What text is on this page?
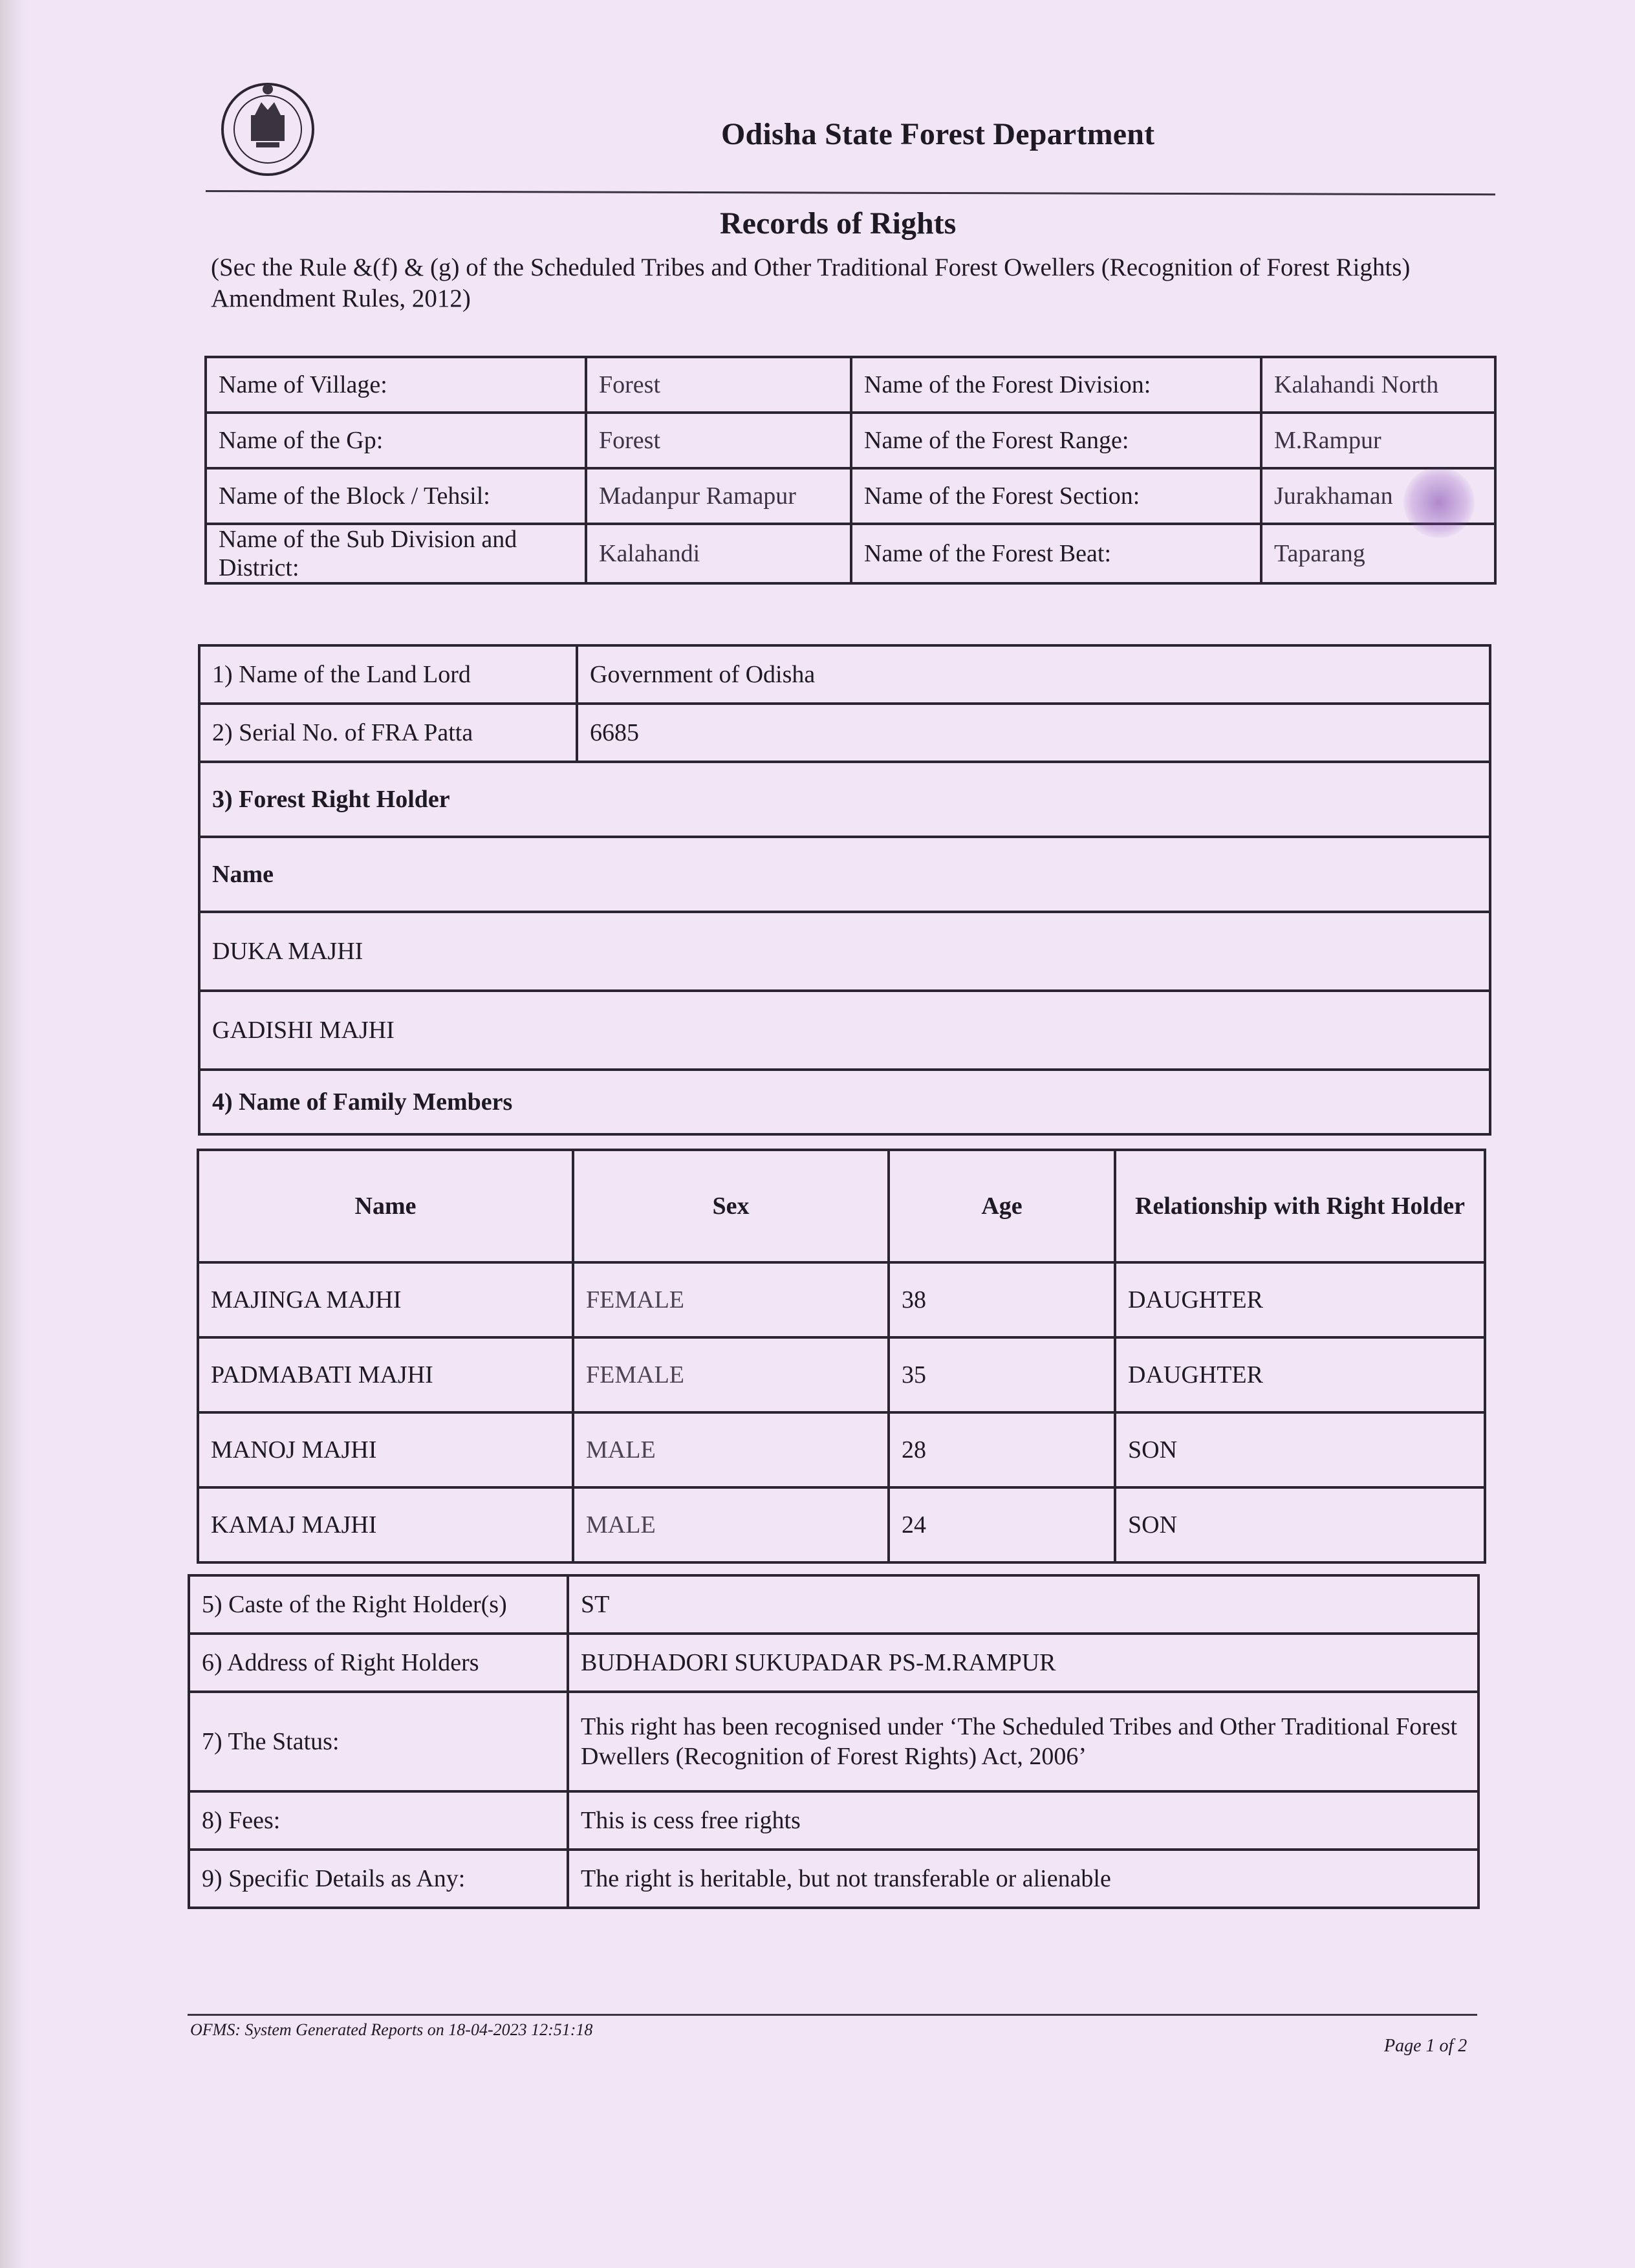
Odisha State Forest Department
Records of Rights
(Sec the Rule &(f) & (g) of the Scheduled Tribes and Other Traditional Forest Owellers (Recognition of Forest Rights) Amendment Rules, 2012)
Name of Village:	Forest	Name of the Forest Division:	Kalahandi North
Name of the Gp:	Forest	Name of the Forest Range:	M.Rampur
Name of the Block / Tehsil:	Madanpur Ramapur	Name of the Forest Section:	Jurakhaman
Name of the Sub Division and District:	Kalahandi	Name of the Forest Beat:	Taparang
1) Name of the Land Lord	Government of Odisha
2) Serial No. of FRA Patta	6685
3) Forest Right Holder	
Name	
DUKA MAJHI	
GADISHI MAJHI	
4) Name of Family Members	
Name	Sex	Age	Relationship with Right Holder
MAJINGA MAJHI	FEMALE	38	DAUGHTER
PADMABATI MAJHI	FEMALE	35	DAUGHTER
MANOJ MAJHI	MALE	28	SON
KAMAJ MAJHI	MALE	24	SON
5) Caste of the Right Holder(s)	ST
6) Address of Right Holders	BUDHADORI SUKUPADAR PS-M.RAMPUR
7) The Status:	This right has been recognised under ‘The Scheduled Tribes and Other Traditional Forest Dwellers (Recognition of Forest Rights) Act, 2006’
8) Fees:	This is cess free rights
9) Specific Details as Any:	The right is heritable, but not transferable or alienable
OFMS: System Generated Reports on 18-04-2023 12:51:18
Page 1 of 2
